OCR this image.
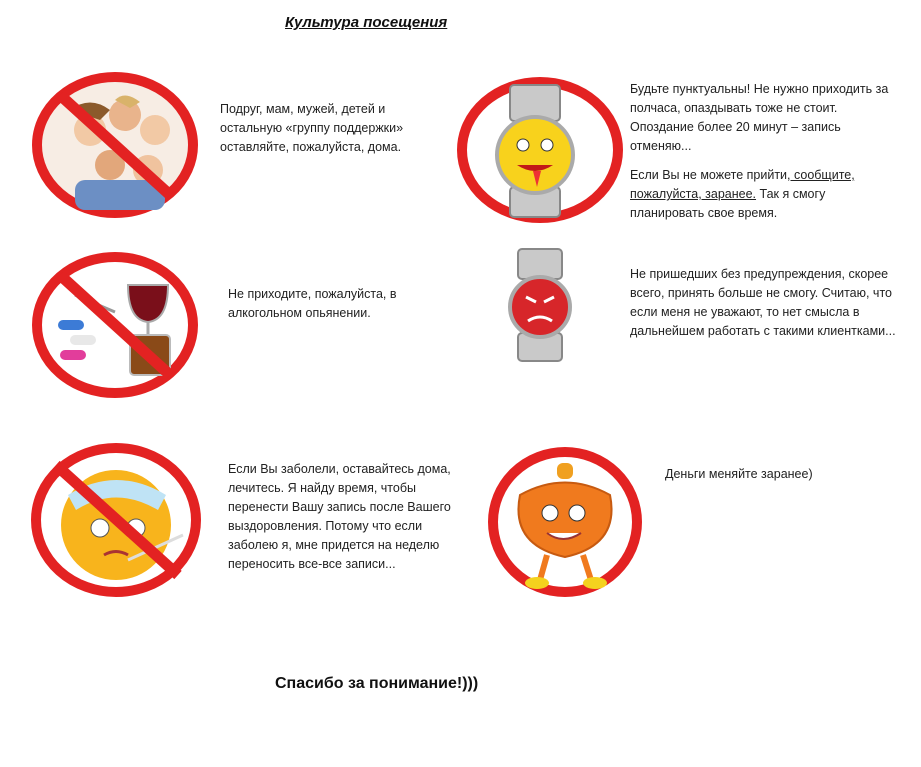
Культура посещения
Подруг, мам, мужей, детей и остальную «группу поддержки» оставляйте, пожалуйста, дома.
Будьте пунктуальны! Не нужно приходить за полчаса, опаздывать тоже не стоит. Опоздание более 20 минут – запись отменяю...
Если Вы не можете прийти, сообщите, пожалуйста, заранее. Так я смогу планировать свое время.
Не приходите, пожалуйста, в алкогольном опьянении.
Не пришедших без предупреждения, скорее всего, принять больше не смогу. Считаю, что если меня не уважают, то нет смысла в дальнейшем работать с такими клиентками...
Если Вы заболели, оставайтесь дома, лечитесь. Я найду время, чтобы перенести Вашу запись после Вашего выздоровления. Потому что если заболею я, мне придется на неделю переносить все-все записи...
Деньги меняйте заранее)
Спасибо за понимание!)))
